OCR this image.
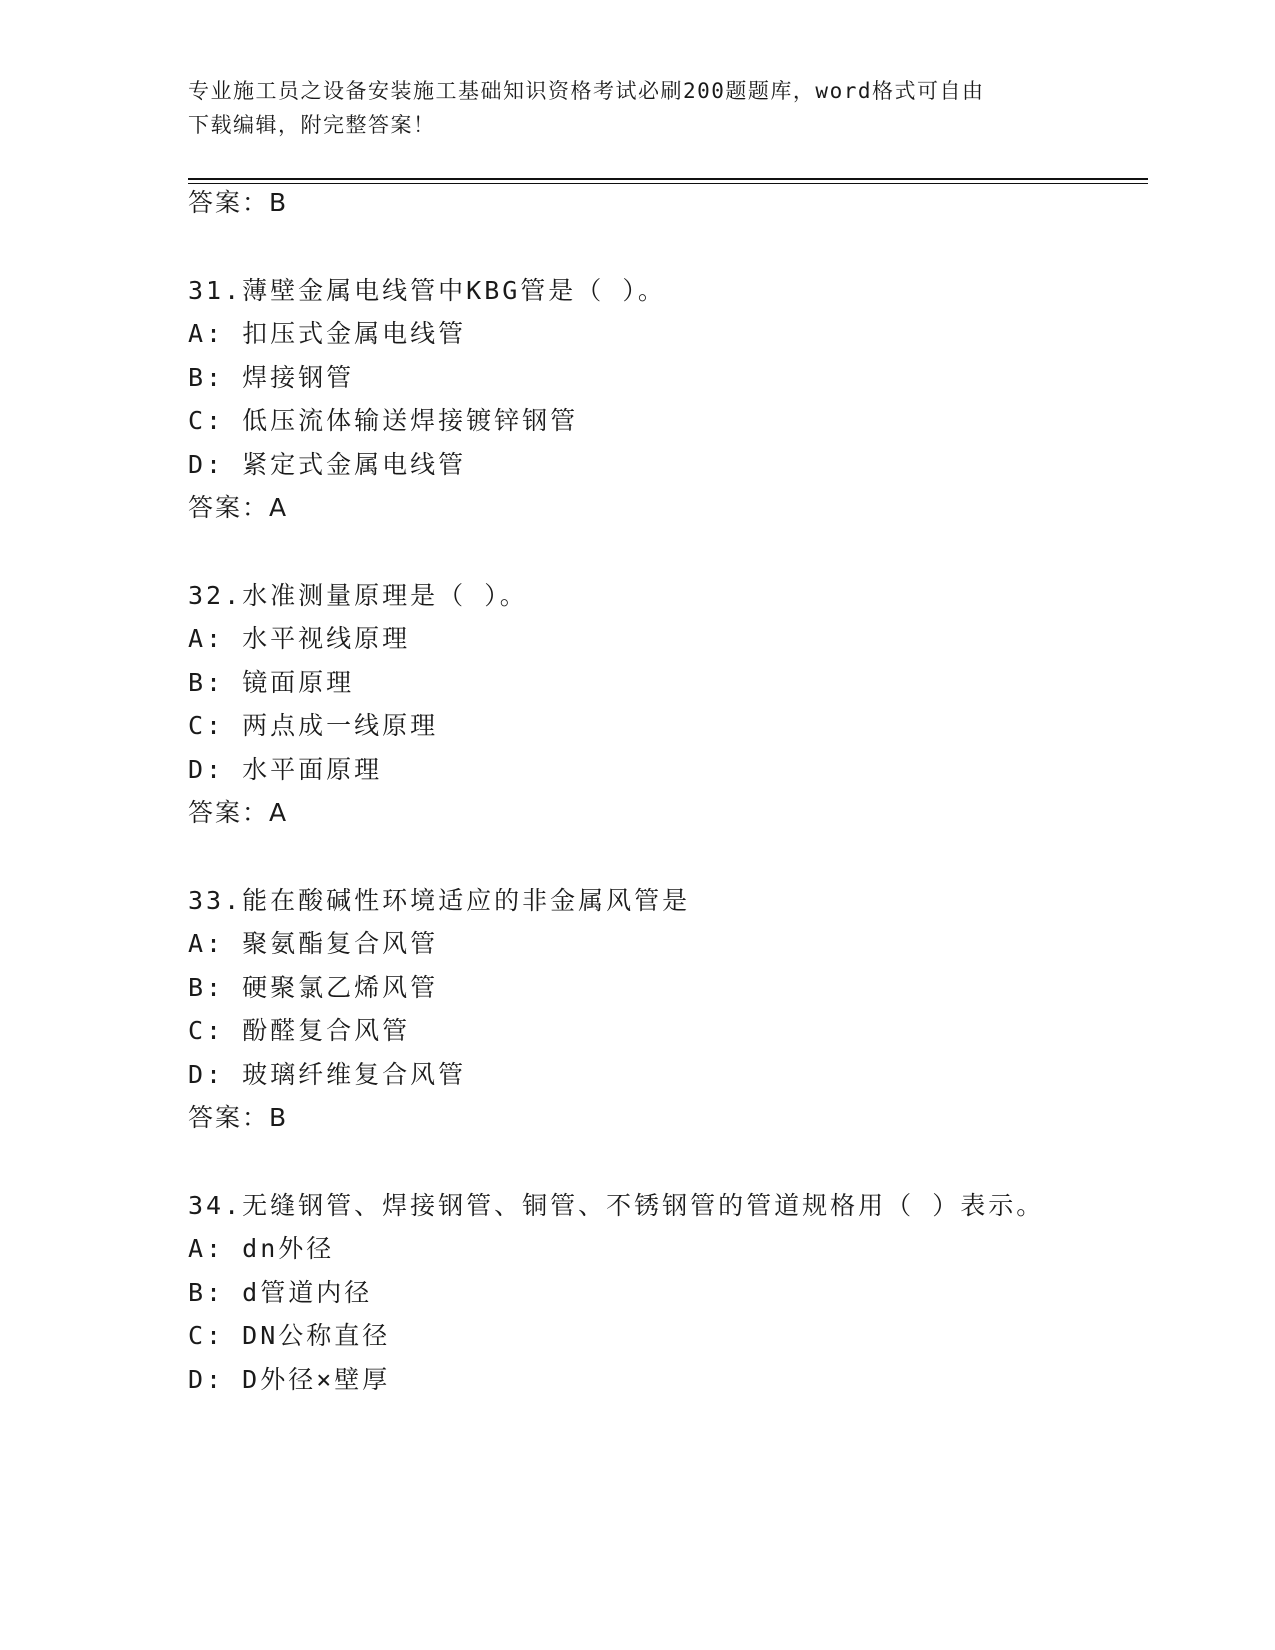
专业施工员之设备安装施工基础知识资格考试必刷200题题库，word格式可自由
下载编辑，附完整答案！
答案：B
31.薄壁金属电线管中KBG管是（ ）。
A: 扣压式金属电线管
B: 焊接钢管
C: 低压流体输送焊接镀锌钢管
D: 紧定式金属电线管
答案：A
32.水准测量原理是（ ）。
A: 水平视线原理
B: 镜面原理
C: 两点成一线原理
D: 水平面原理
答案：A
33.能在酸碱性环境适应的非金属风管是
A: 聚氨酯复合风管
B: 硬聚氯乙烯风管
C: 酚醛复合风管
D: 玻璃纤维复合风管
答案：B
34.无缝钢管、焊接钢管、铜管、不锈钢管的管道规格用（ ）表示。
A: dn外径
B: d管道内径
C: DN公称直径
D: D外径×壁厚
